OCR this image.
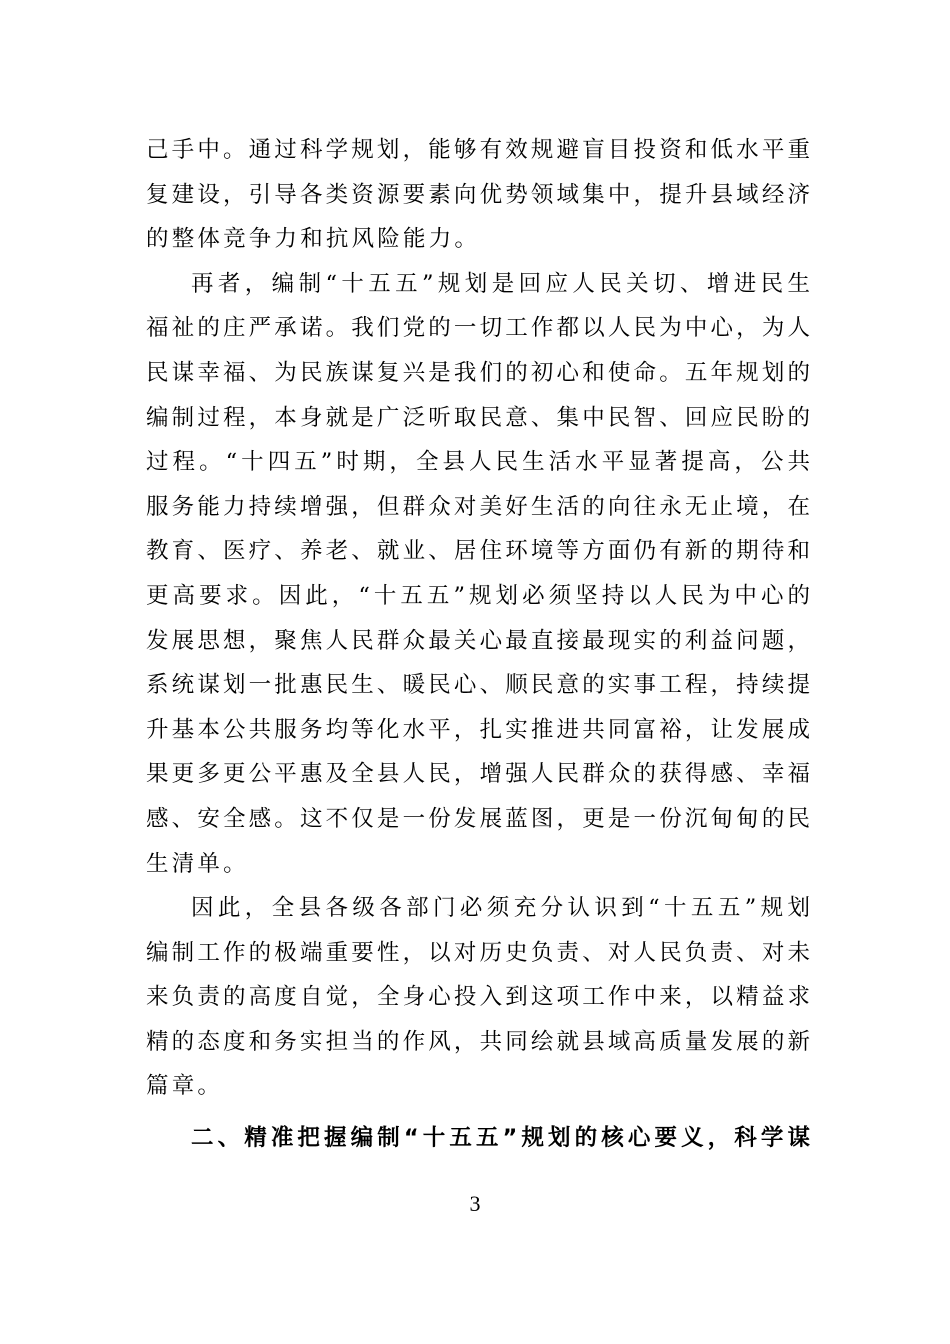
己手中。通过科学规划，能够有效规避盲目投资和低水平重
复建设，引导各类资源要素向优势领域集中，提升县域经济
的整体竞争力和抗风险能力。
再者，编制“十五五”规划是回应人民关切、增进民生
福祉的庄严承诺。我们党的一切工作都以人民为中心，为人
民谋幸福、为民族谋复兴是我们的初心和使命。五年规划的
编制过程，本身就是广泛听取民意、集中民智、回应民盼的
过程。“十四五”时期，全县人民生活水平显著提高，公共
服务能力持续增强，但群众对美好生活的向往永无止境，在
教育、医疗、养老、就业、居住环境等方面仍有新的期待和
更高要求。因此，“十五五”规划必须坚持以人民为中心的
发展思想，聚焦人民群众最关心最直接最现实的利益问题，
系统谋划一批惠民生、暖民心、顺民意的实事工程，持续提
升基本公共服务均等化水平，扎实推进共同富裕，让发展成
果更多更公平惠及全县人民，增强人民群众的获得感、幸福
感、安全感。这不仅是一份发展蓝图，更是一份沉甸甸的民
生清单。
因此，全县各级各部门必须充分认识到“十五五”规划
编制工作的极端重要性，以对历史负责、对人民负责、对未
来负责的高度自觉，全身心投入到这项工作中来，以精益求
精的态度和务实担当的作风，共同绘就县域高质量发展的新
篇章。
二、精准把握编制“十五五”规划的核心要义，科学谋
3
